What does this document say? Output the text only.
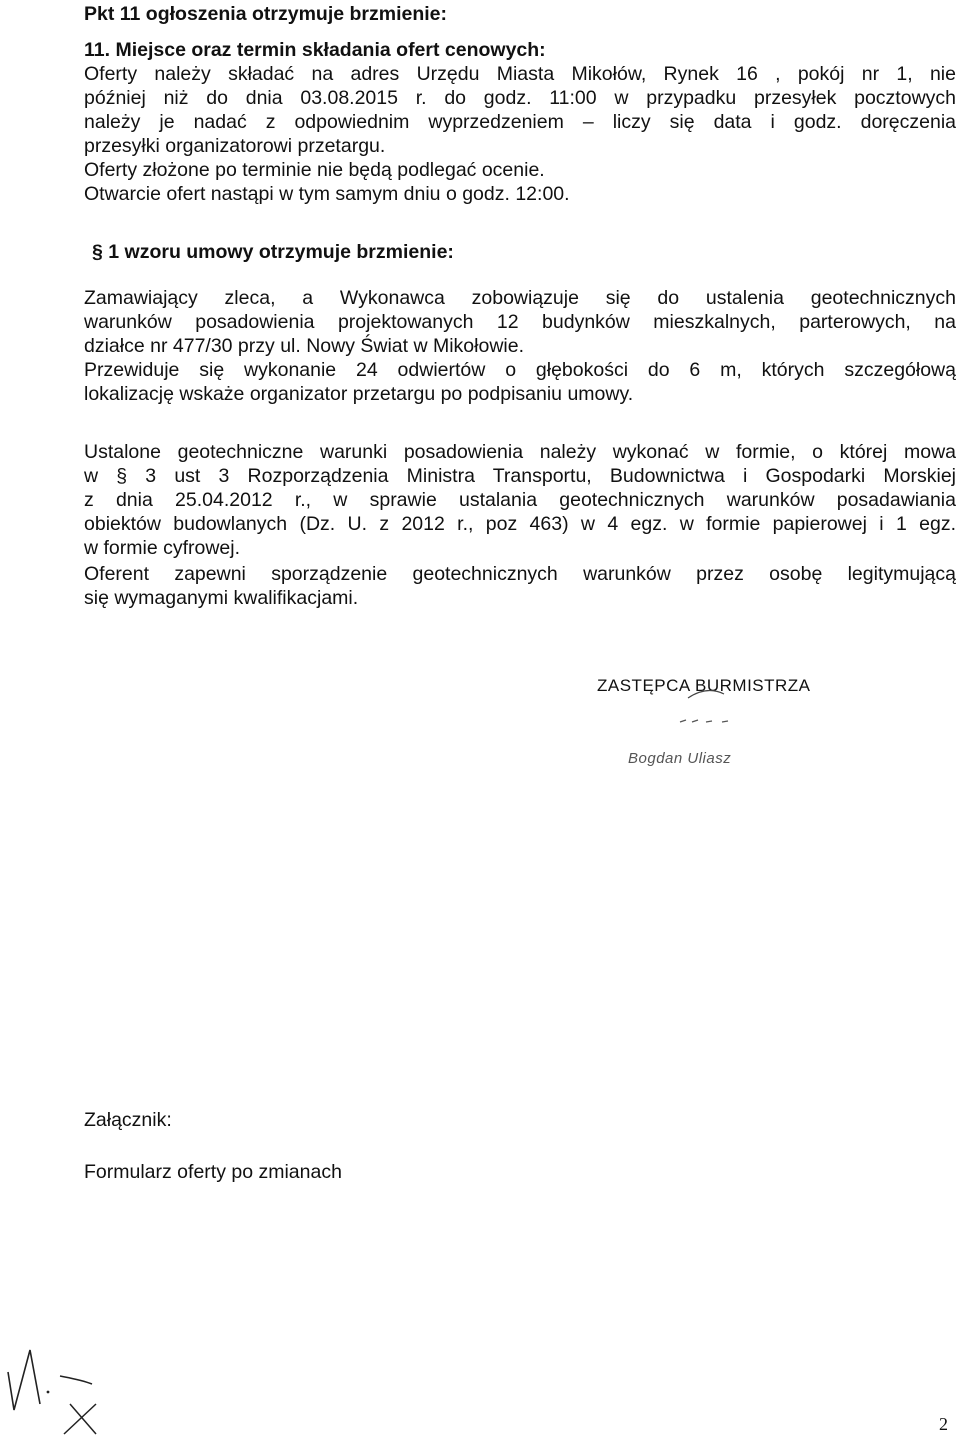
Pkt 11 ogłoszenia otrzymuje brzmienie:
11. Miejsce oraz termin składania ofert cenowych:
Oferty należy składać na adres Urzędu Miasta Mikołów, Rynek 16 , pokój nr 1, nie
później niż do dnia 03.08.2015 r. do godz. 11:00 w przypadku przesyłek pocztowych
należy je nadać z odpowiednim wyprzedzeniem – liczy się data i godz. doręczenia
przesyłki organizatorowi przetargu.
Oferty złożone po terminie nie będą podlegać ocenie.
Otwarcie ofert nastąpi w tym samym dniu o godz. 12:00.
§ 1 wzoru umowy otrzymuje brzmienie:
Zamawiający zleca, a Wykonawca zobowiązuje się do ustalenia geotechnicznych
warunków posadowienia projektowanych 12 budynków mieszkalnych, parterowych, na
działce nr 477/30 przy ul. Nowy Świat w Mikołowie.
Przewiduje się wykonanie 24 odwiertów o głębokości do 6 m, których szczegółową
lokalizację wskaże organizator przetargu po podpisaniu umowy.
Ustalone geotechniczne warunki posadowienia należy wykonać w formie, o której mowa
w § 3 ust 3 Rozporządzenia Ministra Transportu, Budownictwa i Gospodarki Morskiej
z dnia 25.04.2012 r., w sprawie ustalania geotechnicznych warunków posadawiania
obiektów budowlanych (Dz. U. z 2012 r., poz 463) w 4 egz. w formie papierowej i 1 egz.
w formie cyfrowej.
Oferent zapewni sporządzenie geotechnicznych warunków przez osobę legitymującą
się wymaganymi kwalifikacjami.
ZASTĘPCA BURMISTRZA
Bogdan Uliasz
Załącznik:
Formularz oferty po zmianach
2
